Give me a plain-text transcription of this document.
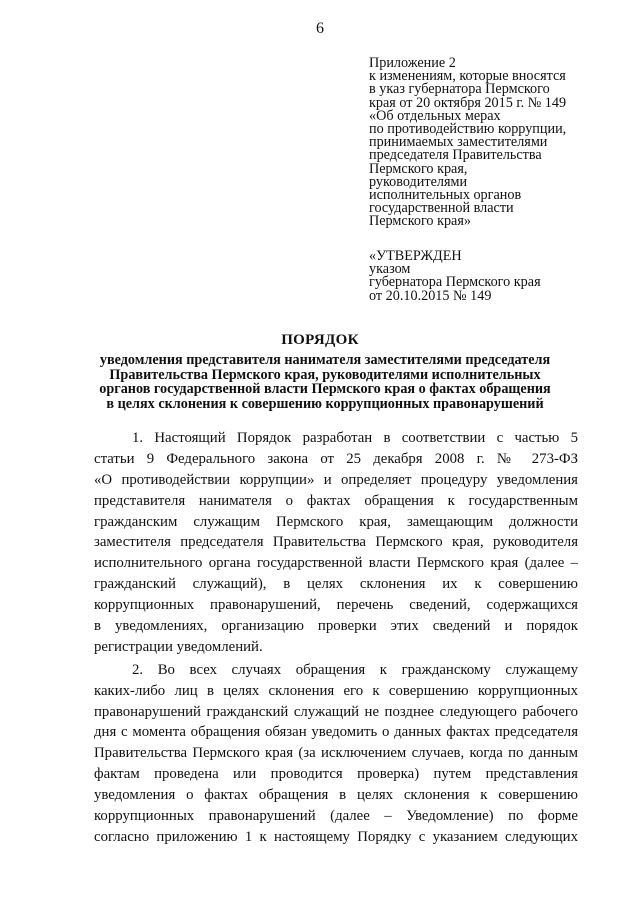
6
Приложение 2
к изменениям, которые вносятся
в указ губернатора Пермского
края от 20 октября 2015 г. № 149
«Об отдельных мерах
по противодействию коррупции,
принимаемых заместителями
председателя Правительства
Пермского края,
руководителями
исполнительных органов
государственной власти
Пермского края»
«УТВЕРЖДЕН
указом
губернатора Пермского края
от 20.10.2015 № 149
ПОРЯДОК
уведомления представителя нанимателя заместителями председателя
Правительства Пермского края, руководителями исполнительных
органов государственной власти Пермского края о фактах обращения
в целях склонения к совершению коррупционных правонарушений
1. Настоящий Порядок разработан в соответствии с частью 5
статьи 9 Федерального закона от 25 декабря 2008 г. № 273-ФЗ
«О противодействии коррупции» и определяет процедуру уведомления
представителя нанимателя о фактах обращения к государственным
гражданским служащим Пермского края, замещающим должности
заместителя председателя Правительства Пермского края, руководителя
исполнительного органа государственной власти Пермского края (далее –
гражданский служащий), в целях склонения их к совершению
коррупционных правонарушений, перечень сведений, содержащихся
в уведомлениях, организацию проверки этих сведений и порядок
регистрации уведомлений.
2. Во всех случаях обращения к гражданскому служащему
каких-либо лиц в целях склонения его к совершению коррупционных
правонарушений гражданский служащий не позднее следующего рабочего
дня с момента обращения обязан уведомить о данных фактах председателя
Правительства Пермского края (за исключением случаев, когда по данным
фактам проведена или проводится проверка) путем представления
уведомления о фактах обращения в целях склонения к совершению
коррупционных правонарушений (далее – Уведомление) по форме
согласно приложению 1 к настоящему Порядку с указанием следующих
